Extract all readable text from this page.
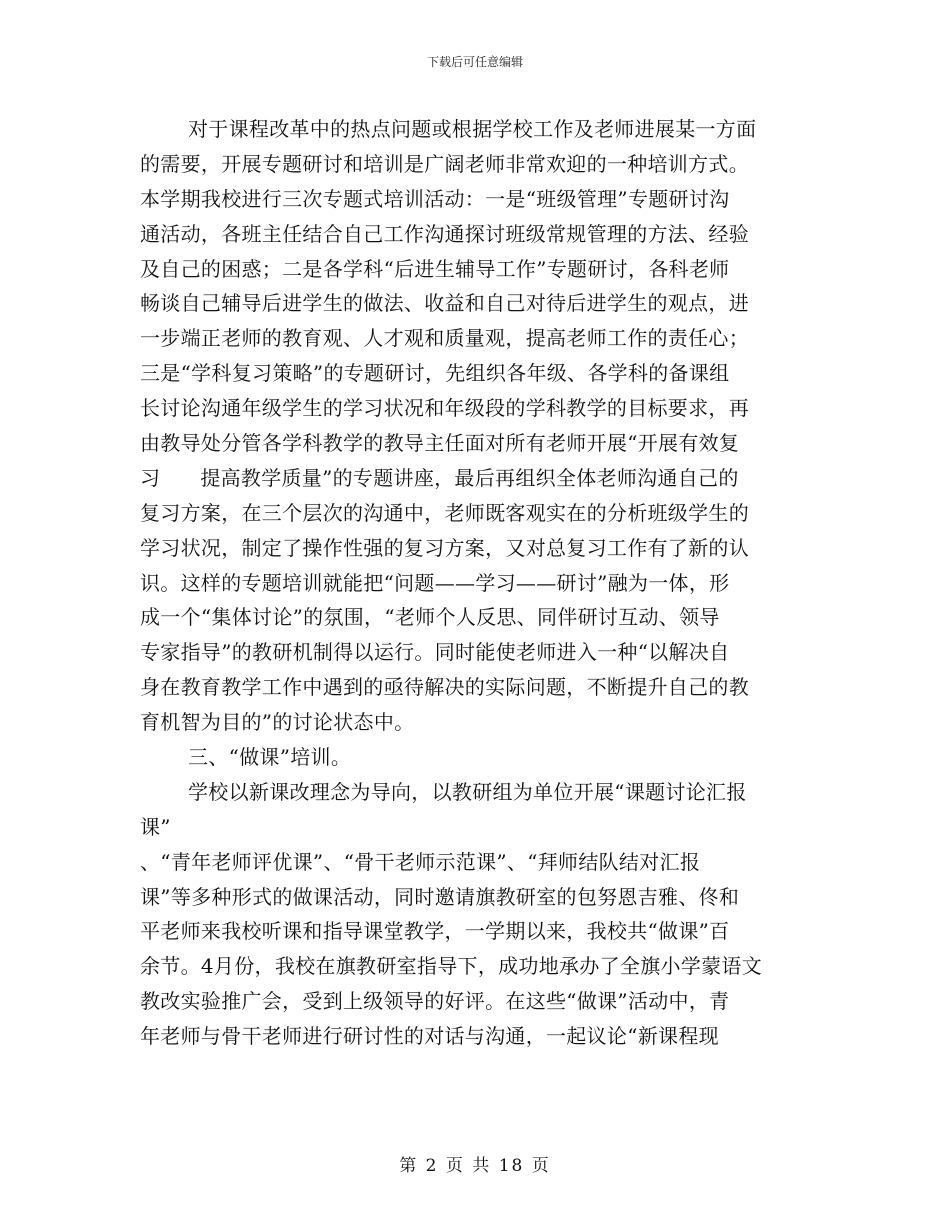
下载后可任意编辑
对于课程改革中的热点问题或根据学校工作及老师进展某一方面
的需要，开展专题研讨和培训是广阔老师非常欢迎的一种培训方式。
本学期我校进行三次专题式培训活动：一是“班级管理”专题研讨沟
通活动，各班主任结合自己工作沟通探讨班级常规管理的方法、经验
及自己的困惑；二是各学科“后进生辅导工作”专题研讨，各科老师
畅谈自己辅导后进学生的做法、收益和自己对待后进学生的观点，进
一步端正老师的教育观、人才观和质量观，提高老师工作的责任心；
三是“学科复习策略”的专题研讨，先组织各年级、各学科的备课组
长讨论沟通年级学生的学习状况和年级段的学科教学的目标要求，再
由教导处分管各学科教学的教导主任面对所有老师开展“开展有效复
习 提高教学质量”的专题讲座，最后再组织全体老师沟通自己的
复习方案，在三个层次的沟通中，老师既客观实在的分析班级学生的
学习状况，制定了操作性强的复习方案，又对总复习工作有了新的认
识。这样的专题培训就能把“问题——学习——研讨”融为一体，形
成一个“集体讨论”的氛围，“老师个人反思、同伴研讨互动、领导
专家指导”的教研机制得以运行。同时能使老师进入一种“以解决自
身在教育教学工作中遇到的亟待解决的实际问题，不断提升自己的教
育机智为目的”的讨论状态中。
三、“做课”培训。
学校以新课改理念为导向，以教研组为单位开展“课题讨论汇报
课”
、“青年老师评优课”、“骨干老师示范课”、“拜师结队结对汇报
课”等多种形式的做课活动，同时邀请旗教研室的包努恩吉雅、佟和
平老师来我校听课和指导课堂教学，一学期以来，我校共“做课”百
余节。4月份，我校在旗教研室指导下，成功地承办了全旗小学蒙语文
教改实验推广会，受到上级领导的好评。在这些“做课”活动中，青
年老师与骨干老师进行研讨性的对话与沟通，一起议论“新课程现
第 2 页 共 18 页
